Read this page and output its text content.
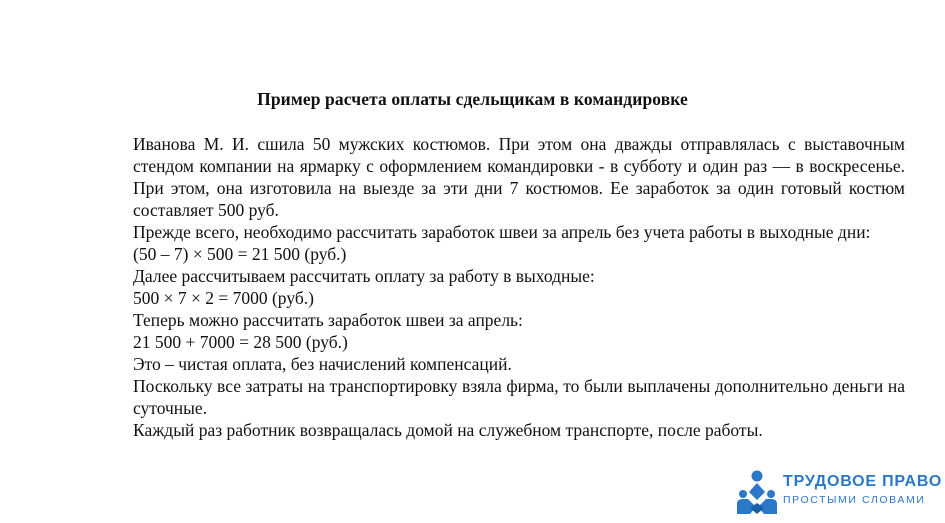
Пример расчета оплаты сдельщикам в командировке

Иванова М. И. сшила 50 мужских костюмов. При этом она дважды отправлялась с выставочным стендом компании на ярмарку с оформлением командировки - в субботу и один раз — в воскресенье. При этом, она изготовила на выезде за эти дни 7 костюмов. Ее заработок за один готовый костюм составляет 500 руб.

Прежде всего, необходимо рассчитать заработок швеи за апрель без учета работы в выходные дни:

(50 – 7) × 500 = 21 500 (руб.)

Далее рассчитываем рассчитать оплату за работу в выходные:

500 × 7 × 2 = 7000 (руб.)

Теперь можно рассчитать заработок швеи за апрель:

21 500 + 7000 = 28 500 (руб.)

Это – чистая оплата, без начислений компенсаций.

Поскольку все затраты на транспортировку взяла фирма, то были выплачены дополнительно деньги на суточные.

Каждый раз работник возвращалась домой на служебном транспорте, после работы.

ТРУДОВОЕ ПРАВО
ПРОСТЫМИ СЛОВАМИ
